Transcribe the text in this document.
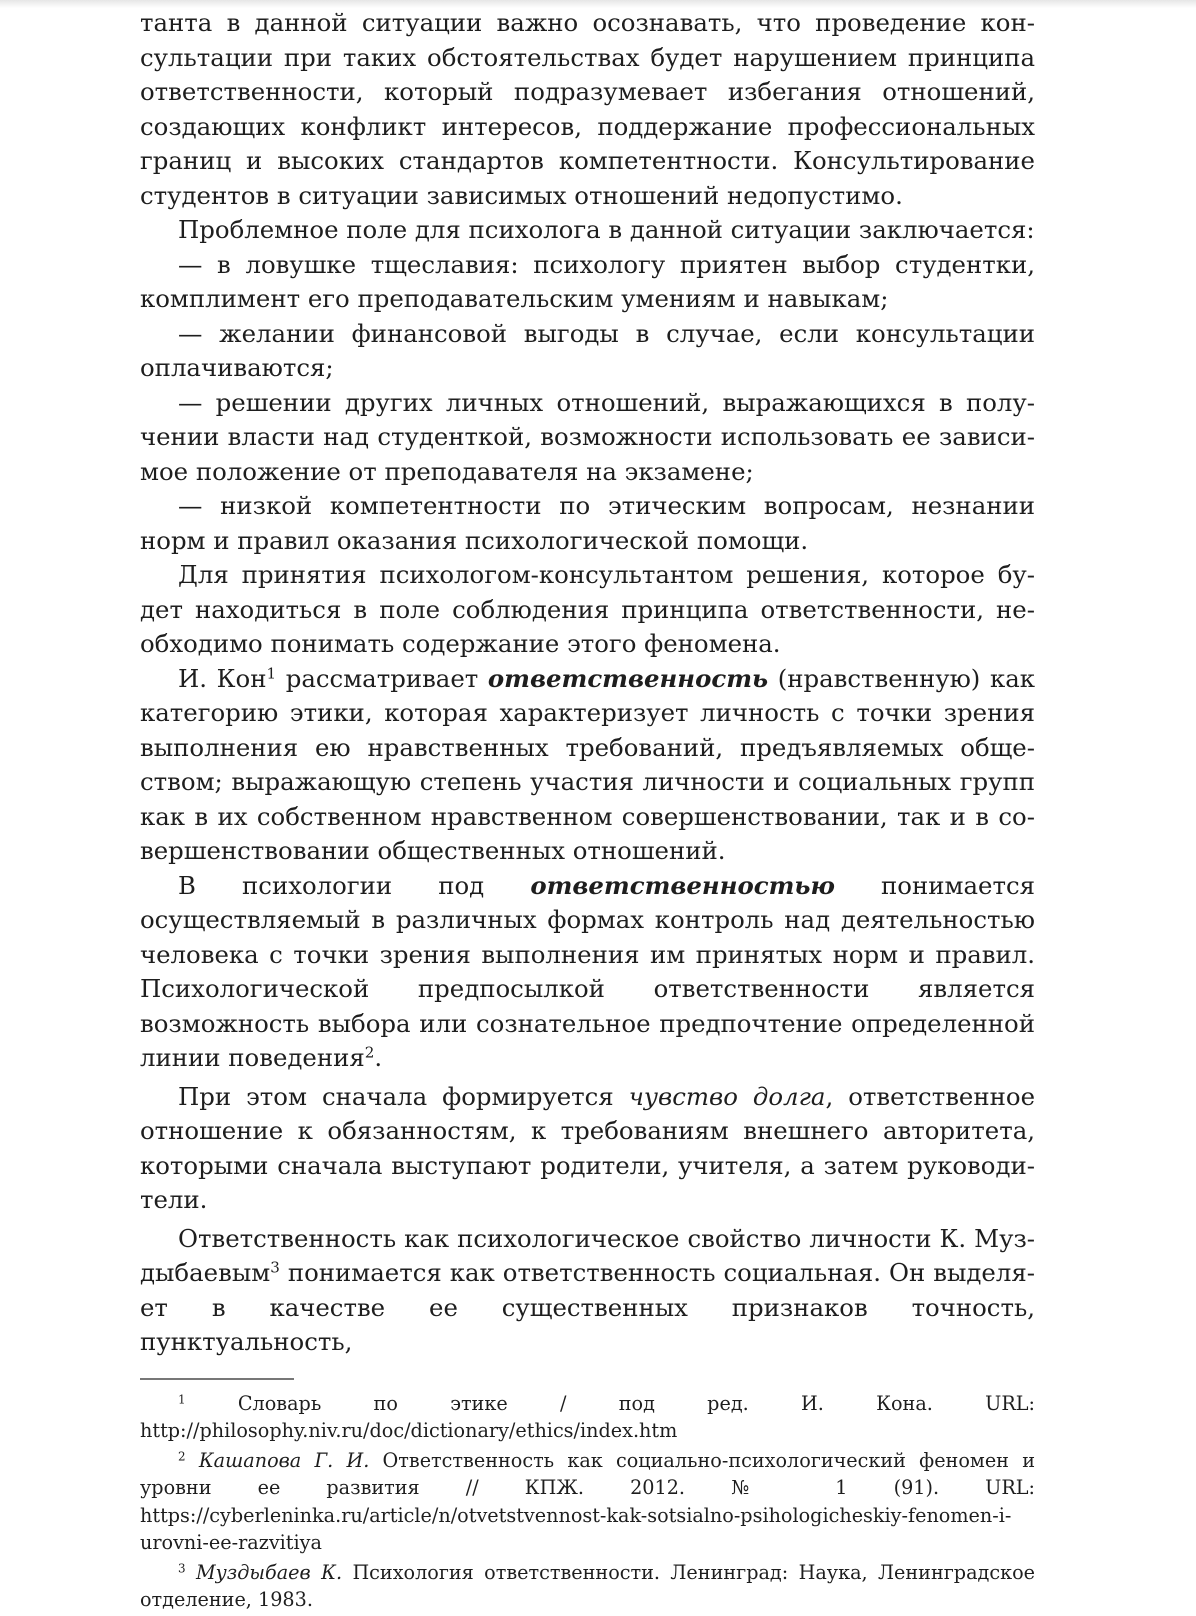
танта в данной ситуации важно осознавать, что проведение консультации при таких обстоятельствах будет нарушением принципа ответственности, который подразумевает избегания отношений, создающих конфликт интересов, поддержание профессиональных границ и высоких стандартов компетентности. Консультирование студентов в ситуации зависимых отношений недопустимо.

Проблемное поле для психолога в данной ситуации заключается:

— в ловушке тщеславия: психологу приятен выбор студентки, комплимент его преподавательским умениям и навыкам;

— желании финансовой выгоды в случае, если консультации оплачиваются;

— решении других личных отношений, выражающихся в получении власти над студенткой, возможности использовать ее зависимое положение от преподавателя на экзамене;

— низкой компетентности по этическим вопросам, незнании норм и правил оказания психологической помощи.

Для принятия психологом-консультантом решения, которое будет находиться в поле соблюдения принципа ответственности, необходимо понимать содержание этого феномена.

И. Кон$^1$ рассматривает ответственность (нравственную) как категорию этики, которая характеризует личность с точки зрения выполнения ею нравственных требований, предъявляемых обществом; выражающую степень участия личности и социальных групп как в их собственном нравственном совершенствовании, так и в совершенствовании общественных отношений.

В психологии под ответственностью понимается осуществляемый в различных формах контроль над деятельностью человека с точки зрения выполнения им принятых норм и правил. Психологической предпосылкой ответственности является возможность выбора или сознательное предпочтение определенной линии поведения$^2$.

При этом сначала формируется чувство долга, ответственное отношение к обязанностям, к требованиям внешнего авторитета, которыми сначала выступают родители, учителя, а затем руководители.

Ответственность как психологическое свойство личности К. Муздыбаевым$^3$ понимается как ответственность социальная. Он выделяет в качестве ее существенных признаков точность, пунктуальность,

$^1$	Словарь по этике / под ред. И. Кона. URL: http://philosophy.niv.ru/doc/dictionary/ethics/index.htm

$^2$ Кашапова Г. И. Ответственность как социально-психологический феномен и уровни ее развития // КПЖ. 2012. № 1 (91). URL: https://cyberleninka.ru/article/n/otvetstvennost-kak-sotsialno-psihologicheskiy-fenomen-i-urovni-ee-razvitiya

$^3$ Муздыбаев К. Психология ответственности. Ленинград: Наука, Ленинградское отделение, 1983.
